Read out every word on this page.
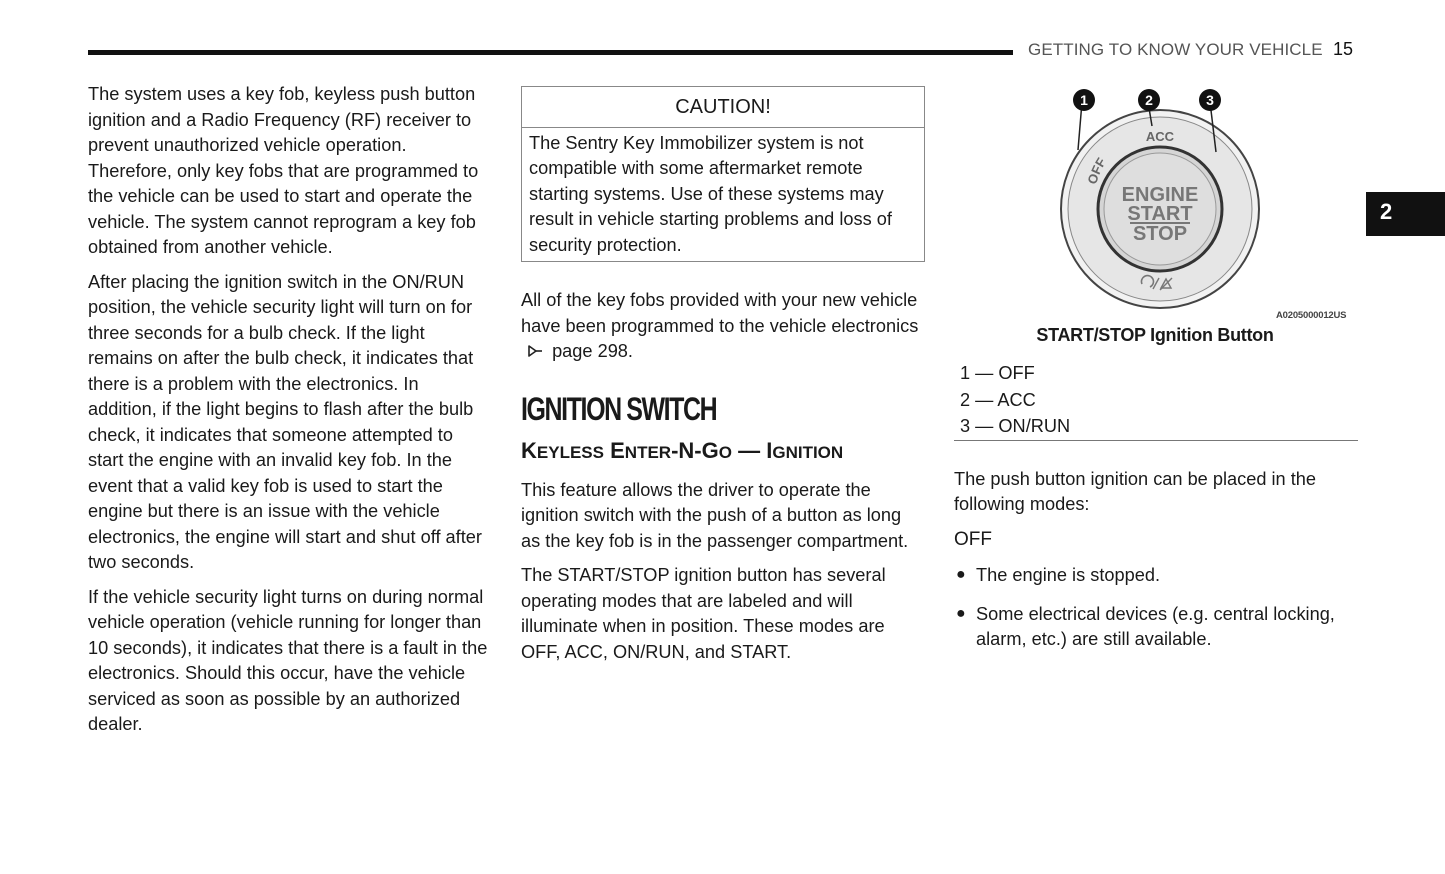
GETTING TO KNOW YOUR VEHICLE 15
2

The system uses a key fob, keyless push button ignition and a Radio Frequency (RF) receiver to prevent unauthorized vehicle operation. Therefore, only key fobs that are programmed to the vehicle can be used to start and operate the vehicle. The system cannot reprogram a key fob obtained from another vehicle.

After placing the ignition switch in the ON/RUN position, the vehicle security light will turn on for three seconds for a bulb check. If the light remains on after the bulb check, it indicates that there is a problem with the electronics. In addition, if the light begins to flash after the bulb check, it indicates that someone attempted to start the engine with an invalid key fob. In the event that a valid key fob is used to start the engine but there is an issue with the vehicle electronics, the engine will start and shut off after two seconds.

If the vehicle security light turns on during normal vehicle operation (vehicle running for longer than 10 seconds), it indicates that there is a fault in the electronics. Should this occur, have the vehicle serviced as soon as possible by an authorized dealer.

CAUTION!

The Sentry Key Immobilizer system is not compatible with some aftermarket remote starting systems. Use of these systems may result in vehicle starting problems and loss of security protection.

All of the key fobs provided with your new vehicle have been programmed to the vehicle electronics  page 298.

IGNITION SWITCH
KEYLESS ENTER-N-GO — IGNITION

This feature allows the driver to operate the ignition switch with the push of a button as long as the key fob is in the passenger compartment.

The START/STOP ignition button has several operating modes that are labeled and will illuminate when in position. These modes are OFF, ACC, ON/RUN, and START.

OFF
ACC
ENGINE
START
STOP
1	2	3
A0205000012US
START/STOP Ignition Button
1 — OFF
2 — ACC
3 — ON/RUN

The push button ignition can be placed in the following modes:

OFF
● The engine is stopped.
● Some electrical devices (e.g. central locking, alarm, etc.) are still available.
